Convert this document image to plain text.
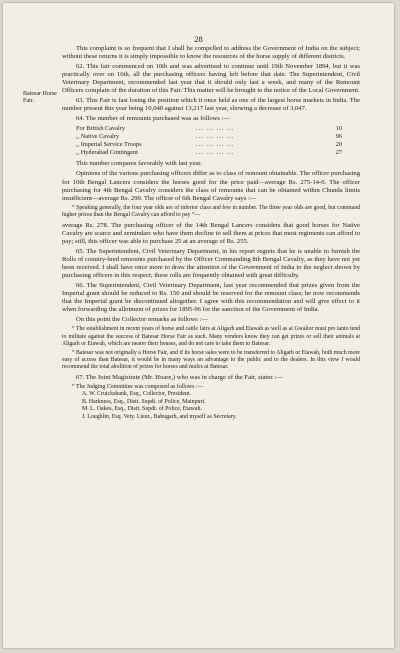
28
Batesar Horse
Fair.

This complaint is so frequent that I shall be compelled to address the Government of India on the subject; without these returns it is simply impossible to know the resources of the horse supply of different districts.

62. This fair commenced on 10th and was advertised to continue until 19th November 1894, but it was practically over on 16th, all the purchasing officers having left before that date. The Superintendent, Civil Veterinary Department, recommended last year that it should only last a week, and many of the Remount Officers complain of the duration of this Fair. This matter will be brought to the notice of the Local Government.

63. This Fair is fast losing the position which it once held as one of the largest horse markets in India. The number present this year being 10,040 against 13,217 last year, showing a decrease of 3,047.

64. The number of remounts purchased was as follows :—

For British Cavalry	... ... ... ...	10
,, Native Cavalry	... ... ... ...	96
,, Imperial Service Troops	... ... ... ...	20
,, Hyderabad Contingent	... ... ... ...	27

This number compares favorably with last year.

Opinions of the various purchasing officers differ as to class of remount obtainable. The officer purchasing for 10th Bengal Lancers considers the horses good for the price paid—average Rs. 275-14-0. The officer purchasing for 4th Bengal Cavalry considers the class of remounts that can be obtained within Chunda limits insufficient—average Rs. 290. The officer of 6th Bengal Cavalry says :—

“ Speaking generally, the four year olds are of inferior class and few in number. The three year olds are good, but command higher prices than the Bengal Cavalry can afford to pay ”—

average Rs. 278. The purchasing officer of the 14th Bengal Lancers considers that good horses for Native Cavalry are scarce and zemindars who have them decline to sell them at prices that most regiments can afford to pay; still, this officer was able to purchase 25 at an average of Rs. 255.

65. The Superintendent, Civil Veterinary Department, in his report regrets that he is unable to furnish the Rolls of country-bred remounts purchased by the Officer Commanding 8th Bengal Cavalry, as they have not yet been received. I shall have once more to draw the attention of the Government of India to the neglect shown by purchasing officers in this respect; these rolls are frequently obtained with great difficulty.

66. The Superintendent, Civil Veterinary Department, last year recommended that prizes given from the Imperial grant should be reduced to Rs. 150 and should be reserved for the remount class; he now recommends that the Imperial grant be discontinued altogether. I agree with this recommendation and will give effect to it when forwarding the allotment of prizes for 1895-96 for the sanction of the Government of India.

On this point the Collector remarks as follows :—

“ The establishment in recent years of horse and cattle fairs at Aligarh and Etawah as well as at Gwalior must pro tanto tend to militate against the success of Batesar Horse Fair as such. Many vendors know they can get prizes or sell their animals at Aligarh or Etawah, which are nearer their houses, and do not care to take them to Batesar.
“ Batesar was not originally a Horse Fair, and if its horse sales were to be transferred to Aligarh or Etawah, both much more easy of access than Batesar, it would be in many ways an advantage to the public and to the dealers. In this view I would recommend the total abolition of prizes for horses and mules at Batesar.

67. The Joint Magistrate (Mr. Hoare,) who was in charge of the Fair, states :—

“ The Judging Committee was composed as follows :—
A. W. Cruickshank, Esq., Collector, President.
B. Harkness, Esq., Distt. Supdt. of Police, Mainpuri.
M. L. Oakes, Esq., Distt. Supdt. of Police, Etawah.
J. Loughlin, Esq. Vety. Lieut., Babugarh, and myself as Secretary.
